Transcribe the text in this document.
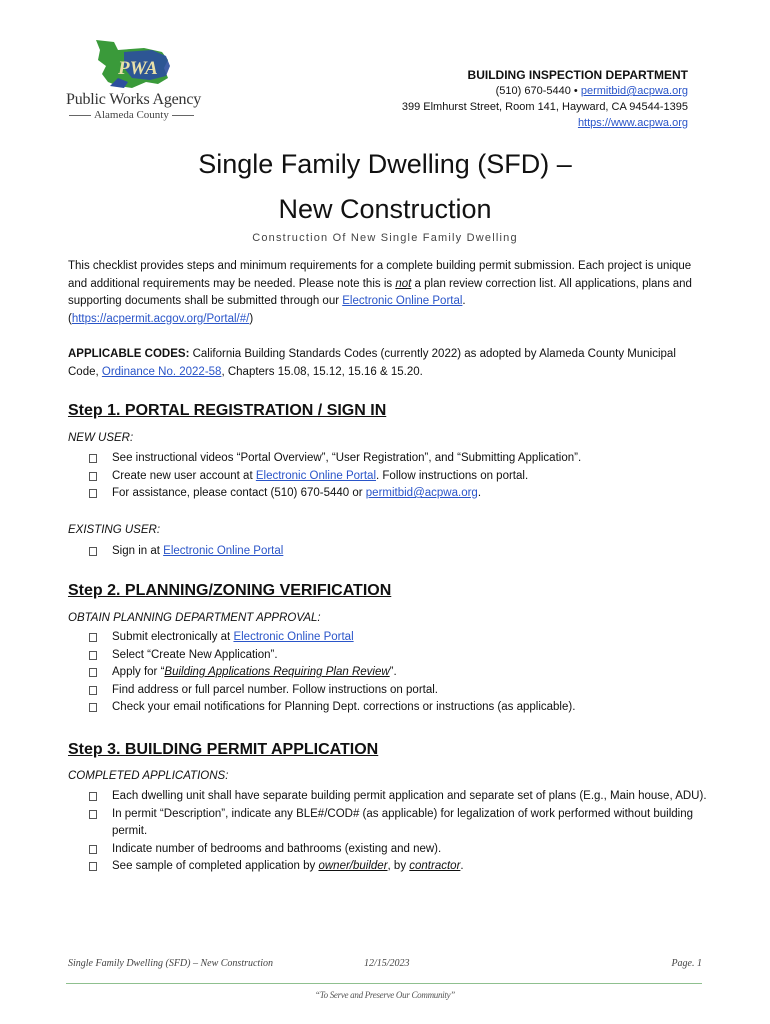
PWA
Public Works Agency
Alameda County
BUILDING INSPECTION DEPARTMENT
(510) 670-5440 • permitbid@acpwa.org
399 Elmhurst Street, Room 141, Hayward, CA 94544-1395
https://www.acpwa.org
Single Family Dwelling (SFD) –
New Construction
Construction Of New Single Family Dwelling
This checklist provides steps and minimum requirements for a complete building permit submission. Each project is unique and additional requirements may be needed. Please note this is not a plan review correction list. All applications, plans and supporting documents shall be submitted through our Electronic Online Portal.
(https://acpermit.acgov.org/Portal/#/)
APPLICABLE CODES: California Building Standards Codes (currently 2022) as adopted by Alameda County Municipal Code, Ordinance No. 2022-58, Chapters 15.08, 15.12, 15.16 & 15.20.
Step 1. PORTAL REGISTRATION / SIGN IN
NEW USER:
See instructional videos “Portal Overview”, “User Registration”, and “Submitting Application”.
Create new user account at Electronic Online Portal. Follow instructions on portal.
For assistance, please contact (510) 670-5440 or permitbid@acpwa.org.
EXISTING USER:
Sign in at Electronic Online Portal
Step 2. PLANNING/ZONING VERIFICATION
OBTAIN PLANNING DEPARTMENT APPROVAL:
Submit electronically at Electronic Online Portal
Select “Create New Application”.
Apply for “Building Applications Requiring Plan Review”.
Find address or full parcel number. Follow instructions on portal.
Check your email notifications for Planning Dept. corrections or instructions (as applicable).
Step 3. BUILDING PERMIT APPLICATION
COMPLETED APPLICATIONS:
Each dwelling unit shall have separate building permit application and separate set of plans (E.g., Main house, ADU).
In permit “Description”, indicate any BLE#/COD# (as applicable) for legalization of work performed without building permit.
Indicate number of bedrooms and bathrooms (existing and new).
See sample of completed application by owner/builder, by contractor.
Single Family Dwelling (SFD) – New Construction	12/15/2023	Page. 1
“To Serve and Preserve Our Community”
